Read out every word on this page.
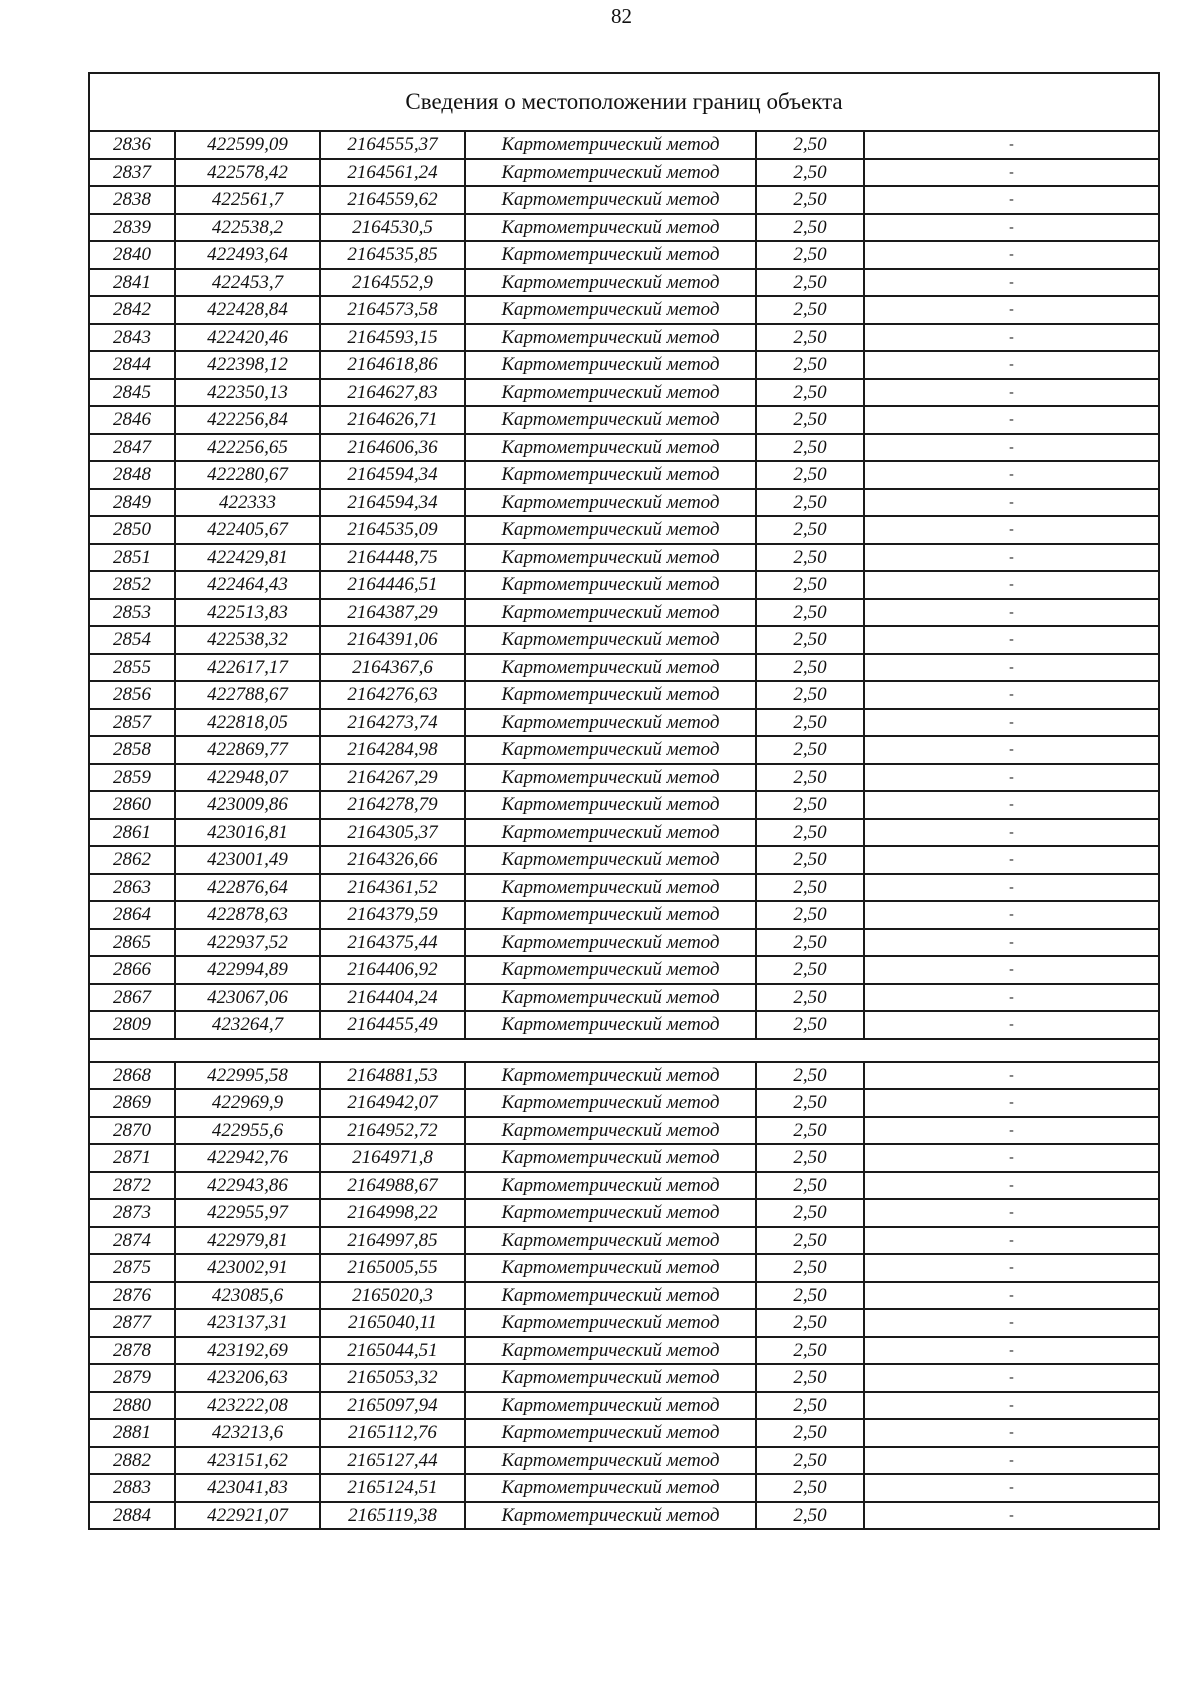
82
Сведения о местоположении границ объекта					
2836	422599,09	2164555,37	Картометрический метод	2,50	-
2837	422578,42	2164561,24	Картометрический метод	2,50	-
2838	422561,7	2164559,62	Картометрический метод	2,50	-
2839	422538,2	2164530,5	Картометрический метод	2,50	-
2840	422493,64	2164535,85	Картометрический метод	2,50	-
2841	422453,7	2164552,9	Картометрический метод	2,50	-
2842	422428,84	2164573,58	Картометрический метод	2,50	-
2843	422420,46	2164593,15	Картометрический метод	2,50	-
2844	422398,12	2164618,86	Картометрический метод	2,50	-
2845	422350,13	2164627,83	Картометрический метод	2,50	-
2846	422256,84	2164626,71	Картометрический метод	2,50	-
2847	422256,65	2164606,36	Картометрический метод	2,50	-
2848	422280,67	2164594,34	Картометрический метод	2,50	-
2849	422333	2164594,34	Картометрический метод	2,50	-
2850	422405,67	2164535,09	Картометрический метод	2,50	-
2851	422429,81	2164448,75	Картометрический метод	2,50	-
2852	422464,43	2164446,51	Картометрический метод	2,50	-
2853	422513,83	2164387,29	Картометрический метод	2,50	-
2854	422538,32	2164391,06	Картометрический метод	2,50	-
2855	422617,17	2164367,6	Картометрический метод	2,50	-
2856	422788,67	2164276,63	Картометрический метод	2,50	-
2857	422818,05	2164273,74	Картометрический метод	2,50	-
2858	422869,77	2164284,98	Картометрический метод	2,50	-
2859	422948,07	2164267,29	Картометрический метод	2,50	-
2860	423009,86	2164278,79	Картометрический метод	2,50	-
2861	423016,81	2164305,37	Картометрический метод	2,50	-
2862	423001,49	2164326,66	Картометрический метод	2,50	-
2863	422876,64	2164361,52	Картометрический метод	2,50	-
2864	422878,63	2164379,59	Картометрический метод	2,50	-
2865	422937,52	2164375,44	Картометрический метод	2,50	-
2866	422994,89	2164406,92	Картометрический метод	2,50	-
2867	423067,06	2164404,24	Картометрический метод	2,50	-
2809	423264,7	2164455,49	Картометрический метод	2,50	-

2868	422995,58	2164881,53	Картометрический метод	2,50	-
2869	422969,9	2164942,07	Картометрический метод	2,50	-
2870	422955,6	2164952,72	Картометрический метод	2,50	-
2871	422942,76	2164971,8	Картометрический метод	2,50	-
2872	422943,86	2164988,67	Картометрический метод	2,50	-
2873	422955,97	2164998,22	Картометрический метод	2,50	-
2874	422979,81	2164997,85	Картометрический метод	2,50	-
2875	423002,91	2165005,55	Картометрический метод	2,50	-
2876	423085,6	2165020,3	Картометрический метод	2,50	-
2877	423137,31	2165040,11	Картометрический метод	2,50	-
2878	423192,69	2165044,51	Картометрический метод	2,50	-
2879	423206,63	2165053,32	Картометрический метод	2,50	-
2880	423222,08	2165097,94	Картометрический метод	2,50	-
2881	423213,6	2165112,76	Картометрический метод	2,50	-
2882	423151,62	2165127,44	Картометрический метод	2,50	-
2883	423041,83	2165124,51	Картометрический метод	2,50	-
2884	422921,07	2165119,38	Картометрический метод	2,50	-
